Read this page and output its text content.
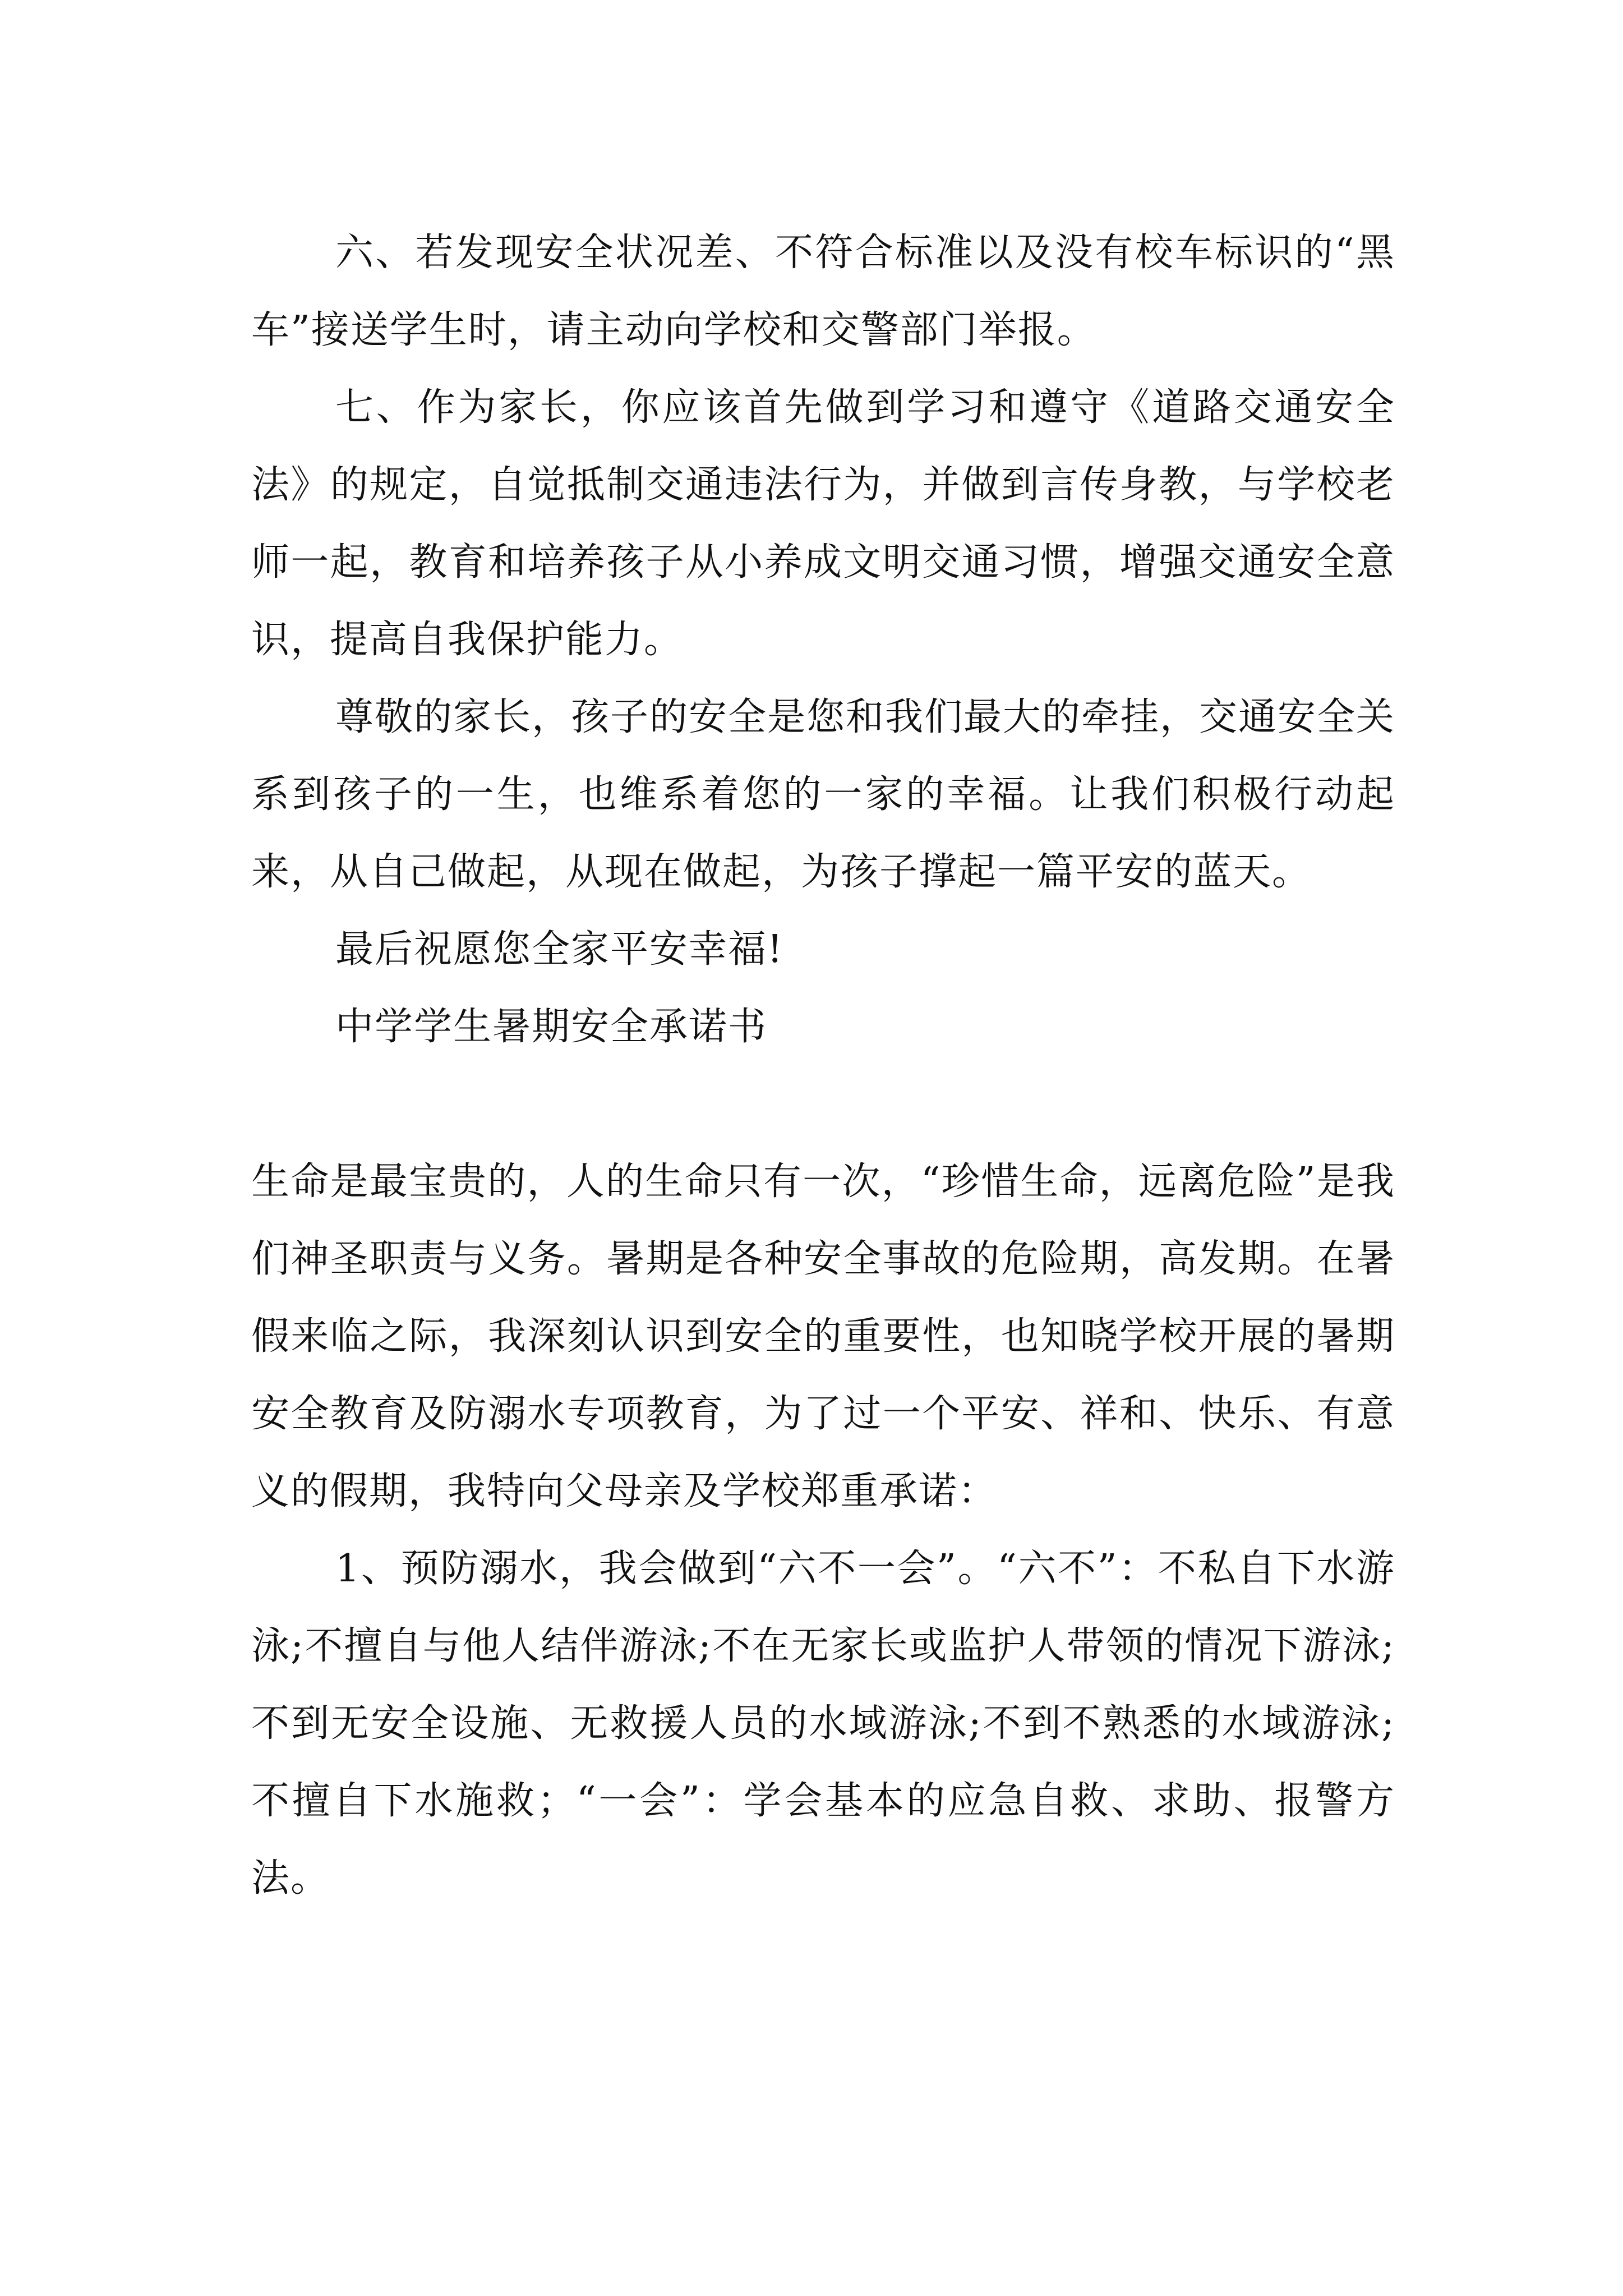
六、若发现安全状况差、不符合标准以及没有校车标识的“黑车”接送学生时，请主动向学校和交警部门举报。

七、作为家长，你应该首先做到学习和遵守《道路交通安全法》的规定，自觉抵制交通违法行为，并做到言传身教，与学校老师一起，教育和培养孩子从小养成文明交通习惯，增强交通安全意识，提高自我保护能力。

尊敬的家长，孩子的安全是您和我们最大的牵挂，交通安全关系到孩子的一生，也维系着您的一家的幸福。让我们积极行动起来，从自己做起，从现在做起，为孩子撑起一篇平安的蓝天。

最后祝愿您全家平安幸福!

中学学生暑期安全承诺书

生命是最宝贵的，人的生命只有一次，“珍惜生命，远离危险”是我们神圣职责与义务。暑期是各种安全事故的危险期，高发期。在暑假来临之际，我深刻认识到安全的重要性，也知晓学校开展的暑期安全教育及防溺水专项教育，为了过一个平安、祥和、快乐、有意义的假期，我特向父母亲及学校郑重承诺：

1、预防溺水，我会做到“六不一会”。“六不”：不私自下水游泳;不擅自与他人结伴游泳;不在无家长或监护人带领的情况下游泳;不到无安全设施、无救援人员的水域游泳;不到不熟悉的水域游泳;不擅自下水施救；“一会”：学会基本的应急自救、求助、报警方法。
